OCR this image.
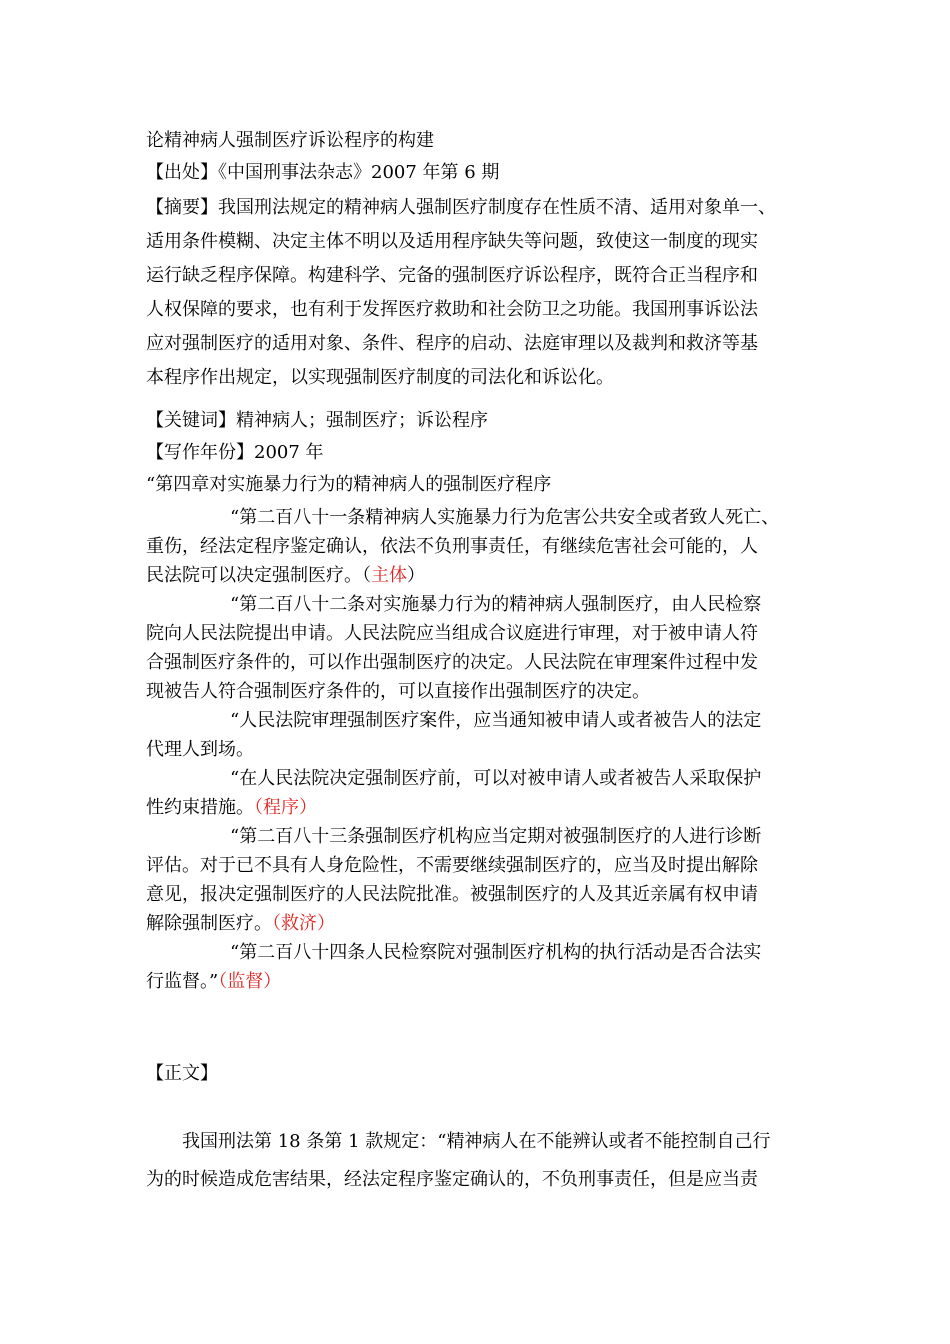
论精神病人强制医疗诉讼程序的构建
【出处】《中国刑事法杂志》2007 年第 6 期
【摘要】我国刑法规定的精神病人强制医疗制度存在性质不清、适用对象单一、
适用条件模糊、决定主体不明以及适用程序缺失等问题，致使这一制度的现实
运行缺乏程序保障。构建科学、完备的强制医疗诉讼程序，既符合正当程序和
人权保障的要求，也有利于发挥医疗救助和社会防卫之功能。我国刑事诉讼法
应对强制医疗的适用对象、条件、程序的启动、法庭审理以及裁判和救济等基
本程序作出规定，以实现强制医疗制度的司法化和诉讼化。
【关键词】精神病人；强制医疗；诉讼程序
【写作年份】2007 年
“第四章对实施暴力行为的精神病人的强制医疗程序
“第二百八十一条精神病人实施暴力行为危害公共安全或者致人死亡、
重伤，经法定程序鉴定确认，依法不负刑事责任，有继续危害社会可能的，人
民法院可以决定强制医疗。（主体）
“第二百八十二条对实施暴力行为的精神病人强制医疗，由人民检察
院向人民法院提出申请。人民法院应当组成合议庭进行审理，对于被申请人符
合强制医疗条件的，可以作出强制医疗的决定。人民法院在审理案件过程中发
现被告人符合强制医疗条件的，可以直接作出强制医疗的决定。
“人民法院审理强制医疗案件，应当通知被申请人或者被告人的法定
代理人到场。
“在人民法院决定强制医疗前，可以对被申请人或者被告人采取保护
性约束措施。（程序）
“第二百八十三条强制医疗机构应当定期对被强制医疗的人进行诊断
评估。对于已不具有人身危险性，不需要继续强制医疗的，应当及时提出解除
意见，报决定强制医疗的人民法院批准。被强制医疗的人及其近亲属有权申请
解除强制医疗。（救济）
“第二百八十四条人民检察院对强制医疗机构的执行活动是否合法实
行监督。”（监督）
【正文】
我国刑法第 18 条第 1 款规定：“精神病人在不能辨认或者不能控制自己行
为的时候造成危害结果，经法定程序鉴定确认的，不负刑事责任，但是应当责
